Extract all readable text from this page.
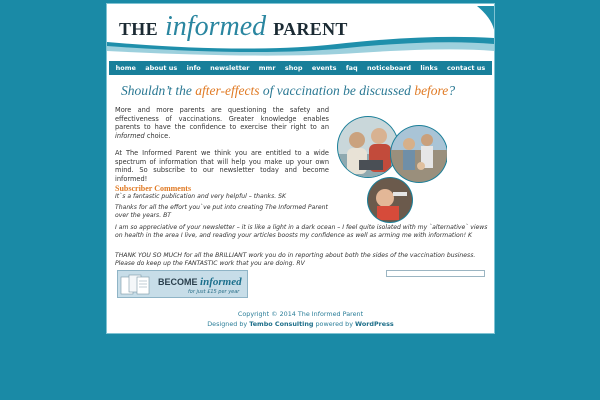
THE informed PARENT
home about us info newsletter mmr shop events faq noticeboard links contact us
Shouldn’t the after-effects of vaccination be discussed before?

More and more parents are questioning the safety and effectiveness of vaccinations. Greater knowledge enables parents to have the confidence to exercise their right to an informed choice.

At The Informed Parent we think you are entitled to a wide spectrum of information that will help you make up your own mind. So subscribe to our newsletter today and become informed!

Subscriber Comments

It`s a fantastic publication and very helpful – thanks. SK

Thanks for all the effort you`ve put into creating The Informed Parent over the years. BT

I am so appreciative of your newsletter – it is like a light in a dark ocean – I feel quite isolated with my `alternative` views on health in the area I live, and reading your articles boosts my confidence as well as arming me with information! K

THANK YOU SO MUCH for all the BRILLIANT work you do in reporting about both the sides of the vaccination business. Please do keep up the FANTASTIC work that you are doing. RV

BECOME informed
for just £15 per year
Copyright © 2014 The Informed Parent
Designed by Tembo Consulting powered by WordPress
